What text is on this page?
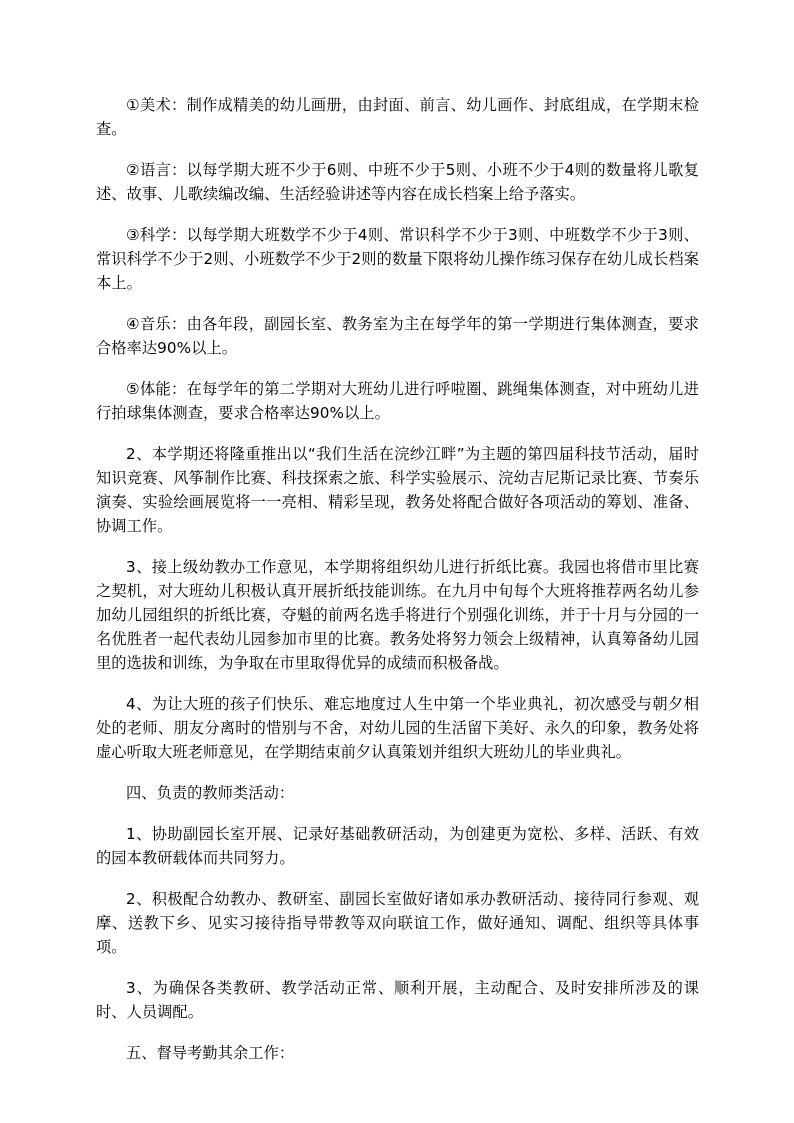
①美术：制作成精美的幼儿画册，由封面、前言、幼儿画作、封底组成，在学期末检查。

②语言：以每学期大班不少于6则、中班不少于5则、小班不少于4则的数量将儿歌复述、故事、儿歌续编改编、生活经验讲述等内容在成长档案上给予落实。

③科学：以每学期大班数学不少于4则、常识科学不少于3则、中班数学不少于3则、常识科学不少于2则、小班数学不少于2则的数量下限将幼儿操作练习保存在幼儿成长档案本上。

④音乐：由各年段，副园长室、教务室为主在每学年的第一学期进行集体测查，要求合格率达90%以上。

⑤体能：在每学年的第二学期对大班幼儿进行呼啦圈、跳绳集体测查，对中班幼儿进行拍球集体测查，要求合格率达90%以上。

2、本学期还将隆重推出以“我们生活在浣纱江畔”为主题的第四届科技节活动，届时知识竞赛、风筝制作比赛、科技探索之旅、科学实验展示、浣幼吉尼斯记录比赛、节奏乐演奏、实验绘画展览将一一亮相、精彩呈现，教务处将配合做好各项活动的筹划、准备、协调工作。

3、接上级幼教办工作意见，本学期将组织幼儿进行折纸比赛。我园也将借市里比赛之契机，对大班幼儿积极认真开展折纸技能训练。在九月中旬每个大班将推荐两名幼儿参加幼儿园组织的折纸比赛，夺魁的前两名选手将进行个别强化训练，并于十月与分园的一名优胜者一起代表幼儿园参加市里的比赛。教务处将努力领会上级精神，认真筹备幼儿园里的选拔和训练，为争取在市里取得优异的成绩而积极备战。

4、为让大班的孩子们快乐、难忘地度过人生中第一个毕业典礼，初次感受与朝夕相处的老师、朋友分离时的惜别与不舍，对幼儿园的生活留下美好、永久的印象，教务处将虚心听取大班老师意见，在学期结束前夕认真策划并组织大班幼儿的毕业典礼。

四、负责的教师类活动：

1、协助副园长室开展、记录好基础教研活动，为创建更为宽松、多样、活跃、有效的园本教研载体而共同努力。

2、积极配合幼教办、教研室、副园长室做好诸如承办教研活动、接待同行参观、观摩、送教下乡、见实习接待指导带教等双向联谊工作，做好通知、调配、组织等具体事项。

3、为确保各类教研、教学活动正常、顺利开展，主动配合、及时安排所涉及的课时、人员调配。

五、督导考勤其余工作：
